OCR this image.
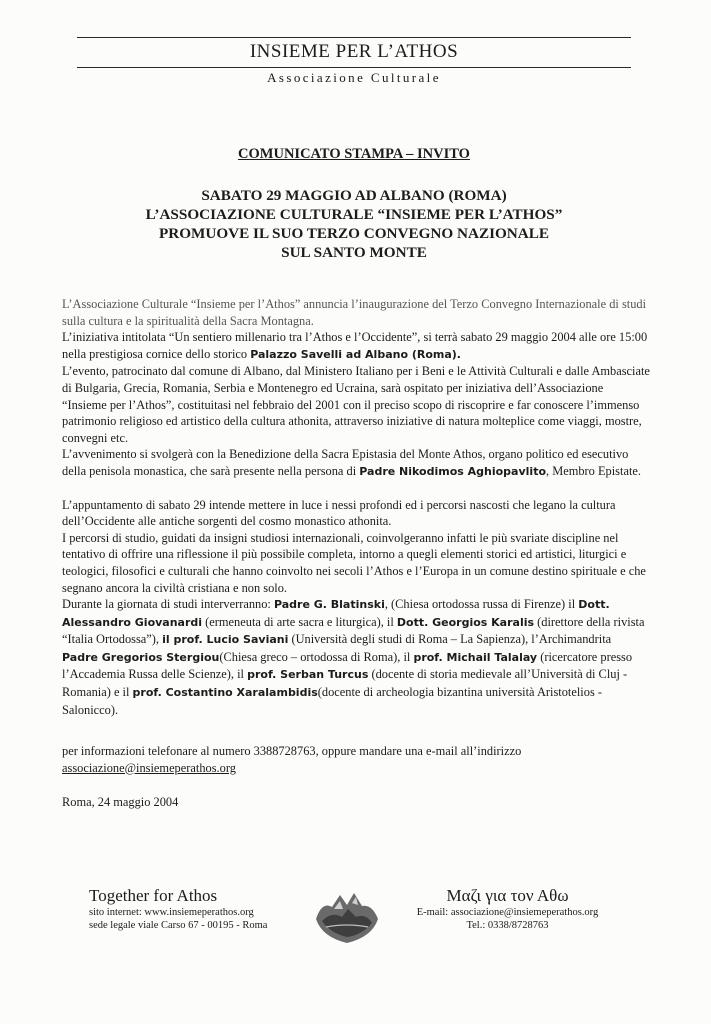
INSIEME PER L’ATHOS
Associazione Culturale
COMUNICATO STAMPA – INVITO
SABATO 29 MAGGIO AD ALBANO (ROMA)
L’ASSOCIAZIONE CULTURALE “INSIEME PER L’ATHOS”
PROMUOVE IL SUO TERZO CONVEGNO NAZIONALE
SUL SANTO MONTE

L’Associazione Culturale “Insieme per l’Athos” annuncia l’inaugurazione del Terzo Convegno Internazionale di studi sulla cultura e la spiritualità della Sacra Montagna.

L’iniziativa intitolata “Un sentiero millenario tra l’Athos e l’Occidente”, si terrà sabato 29 maggio 2004 alle ore 15:00 nella prestigiosa cornice dello storico Palazzo Savelli ad Albano (Roma).

L’evento, patrocinato dal comune di Albano, dal Ministero Italiano per i Beni e le Attività Culturali e dalle Ambasciate di Bulgaria, Grecia, Romania, Serbia e Montenegro ed Ucraina, sarà ospitato per iniziativa dell’Associazione “Insieme per l’Athos”, costituitasi nel febbraio del 2001 con il preciso scopo di riscoprire e far conoscere l’immenso patrimonio religioso ed artistico della cultura athonita, attraverso iniziative di natura molteplice come viaggi, mostre, convegni etc.

L’avvenimento si svolgerà con la Benedizione della Sacra Epistasia del Monte Athos, organo politico ed esecutivo della penisola monastica, che sarà presente nella persona di Padre Nikodimos Aghiopavlito, Membro Epistate.

L’appuntamento di sabato 29 intende mettere in luce i nessi profondi ed i percorsi nascosti che legano la cultura dell’Occidente alle antiche sorgenti del cosmo monastico athonita.

I percorsi di studio, guidati da insigni studiosi internazionali, coinvolgeranno infatti le più svariate discipline nel tentativo di offrire una riflessione il più possibile completa, intorno a quegli elementi storici ed artistici, liturgici e teologici, filosofici e culturali che hanno coinvolto nei secoli l’Athos e l’Europa in un comune destino spirituale e che segnano ancora la civiltà cristiana e non solo.

Durante la giornata di studi interverranno: Padre G. Blatinski, (Chiesa ortodossa russa di Firenze) il Dott. Alessandro Giovanardi (ermeneuta di arte sacra e liturgica), il Dott. Georgios Karalis (direttore della rivista “Italia Ortodossa”), il prof. Lucio Saviani (Università degli studi di Roma – La Sapienza), l’Archimandrita Padre Gregorios Stergiou(Chiesa greco – ortodossa di Roma), il prof. Michail Talalay (ricercatore presso l’Accademia Russa delle Scienze), il prof. Serban Turcus (docente di storia medievale all’Università di Cluj - Romania) e il prof. Costantino Xaralambidis(docente di archeologia bizantina università Aristotelios - Salonicco).

per informazioni telefonare al numero 3388728763, oppure mandare una e-mail all’indirizzo
associazione@insiemeperathos.org
Roma, 24 maggio 2004
Together for Athos
sito internet: www.insiemeperathos.org
sede legale viale Carso 67 - 00195 - Roma
Μαζι για τον Αθω
E-mail: associazione@insiemeperathos.org
Tel.: 0338/8728763
